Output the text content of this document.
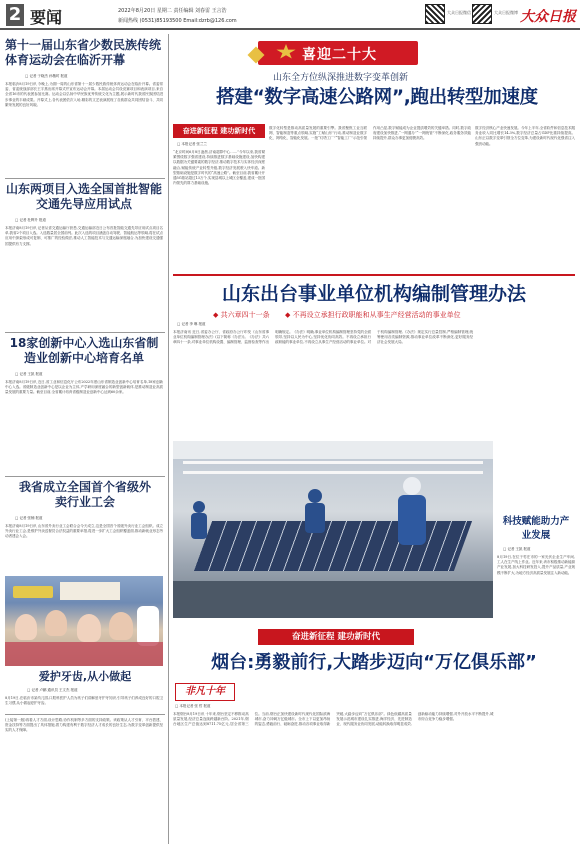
2 要闻	2022年8月20日 星期二 责任编辑 刘春雷 王言浩
新闻热线 (0531)85193500 Email:dzrb@126.com
大众日报微信	大众日报微博 大众日报
第十一届山东省少数民族传统体育运动会在临沂开幕
□ 记者 于晓杰 孙楷时 报道
本报临沂8月19日讯 今晚上,为期一周的山东省第十一届少数民族传统体育运动会在临沂开幕。省委常委、省委统战部部长王宇燕出席开幕式并宣布运动会开幕。本届运动会共设竞赛项目和表演项目,来自全省16市的代表团参加比赛。运动会以弘扬中华民族优秀传统文化为主题,展示新时代我省民族团结进步事业的丰硕成果。开幕式上,各代表团依次入场,精彩的文艺表演展现了各族群众共同团结奋斗、共同繁荣发展的良好风貌。
山东两项目入选全国首批智能交通先导应用试点
□ 记者 杜辉升 报道
本报济南8月19日讯 记者从省交通运输厅获悉,交通运输部近日公布首批智能交通先导应用试点项目名单,我省2个项目入选。入选数量居全国前列。此次入选的项目涵盖自动驾驶、智能航运等领域,将在试点应用中探索形成可复制、可推广的经验做法,推动人工智能技术与交通运输深度融合,为加快建设交通强国提供有力支撑。
18家创新中心入选山东省制造业创新中心培育名单
□ 记者 王凯 报道
本报济南8月19日讯 近日,省工业和信息化厅公布2022年度山东省制造业创新中心培育名单,18家创新中心入选。省级制造业创新中心是以企业为主体,产学研用深度融合的新型创新载体,是推动制造业高质量发展的重要力量。截至目前,全省累计培育省级制造业创新中心达到60余家。
我省成立全国首个省级外卖行业工会
□ 记者 张楠 报道
本报济南8月19日讯 山东省外卖行业工会联合会今天成立,这是全国首个省级外卖行业工会组织。成立外卖行业工会,是维护外卖送餐员合法权益的重要举措,将进一步扩大工会组织覆盖面,推动新就业形态劳动者建会入会。
爱护牙齿,从小做起
□ 记者 卢鹏 通讯员 王文杰 报道
8月19日,在临沂市某幼儿园,口腔科医护人员为孩子们讲解爱牙护牙知识,引导孩子们养成良好的口腔卫生习惯,从小做起爱护牙齿。
(上接第一版)再看人才方面,设计思路,协作机制等多方面的支持政策。该政策从人才引育、平台搭建、资金扶持等方面提出了具体措施,着力构建有利于数字经济人才成长的良好生态,为数字变革创新提供坚实的人才保障。
喜迎二十大
山东全方位纵深推进数字变革创新
搭建“数字高速公路网”,跑出转型加速度
奋进新征程 建功新时代
□ 本报记者 张兰兰
“北京时间6月8日凌晨,济南超算中心……”今年以来,我省紧紧围绕数字强省建设,持续推进数字基础设施建设,加快构建以数据为关键要素的数字经济,推动数字技术与实体经济深度融合,赋能传统产业转型升级,数字经济发展驶入快车道。新型基础设施是数字时代的“高速公路”。截至目前,我省累计开通5G基站超过13万个,实现县城以上城区全覆盖,建成一批国内领先的算力基础设施。
数字化转型是推动高质量发展的重要引擎。我省聚焦工业互联网、智能制造等重点领域,实施“工赋山东”行动,推动制造业数字化、网络化、智能化发展。一批“灯塔工厂”“智能工厂”示范引领作用凸显,数字赋能成为企业提质增效的关键举措。同时,数字政府建设加快推进,“一网通办”“一网统管”不断深化,政务服务效能持续提升,群众办事更加便捷高效。
数字经济核心产业快速发展。今年上半年,全省软件和信息技术服务业收入同比增长14.3%,数字经济总量占GDP比重持续提高。山东正以数字变革引领全方位变革,为建设新时代现代化强省注入强劲动能。
山东出台事业单位机构编制管理办法
◆ 共六章四十一条 ◆ 不再设立承担行政职能和从事生产经营活动的事业单位
□ 记者 李 琳 报道
本报济南讯 近日,省委办公厅、省政府办公厅印发《山东省事业单位机构编制管理办法》(以下简称《办法》)。《办法》共六章四十一条,对事业单位机构设置、编制管理、监督检查等作出明确规定。《办法》明确,事业单位机构编制管理坚持党的全面领导,坚持以人民为中心,坚持优化协同高效。不再设立承担行政职能的事业单位,不再设立从事生产经营活动的事业单位。对于机构编制管理,《办法》规定实行总量控制,严格编制管理,统筹使用各类编制资源,推动事业单位改革不断深化,更好服务经济社会发展大局。
科技赋能助力产业发展
□ 记者 王凯 报道
8月19日,在位于枣庄市的一家光伏企业生产车间,工人在生产线上作业。近年来,该市积极推动新能源产业发展,加大科技研发投入,提升产品质量,产业规模不断扩大,为地方经济高质量发展注入新动能。
奋进新征程 建功新时代
烟台:勇毅前行,大踏步迈向“万亿俱乐部”
非凡十年
□ 本报记者 张 哲 报道
本报烟台8月19日讯 十年来,烟台坚定不移推动高质量发展,经济总量连续跨越新台阶。2021年,烟台地区生产总值达到8711.75亿元,居全省第三位。当前,烟台正加快建设新时代现代化国际滨海城市,奋力冲刺万亿级城市。全市上下以更加昂扬的姿态,勇毅前行、砥砺奋进,推动各项事业取得新突破,大踏步迈向“万亿俱乐部”。绿色低碳高质量发展示范城市建设扎实推进,海洋经济、先进制造业、现代服务业协同发展,动能转换取得明显成效,创新驱动能力持续增强,对外开放水平不断提升,城市综合竞争力稳步增强。
